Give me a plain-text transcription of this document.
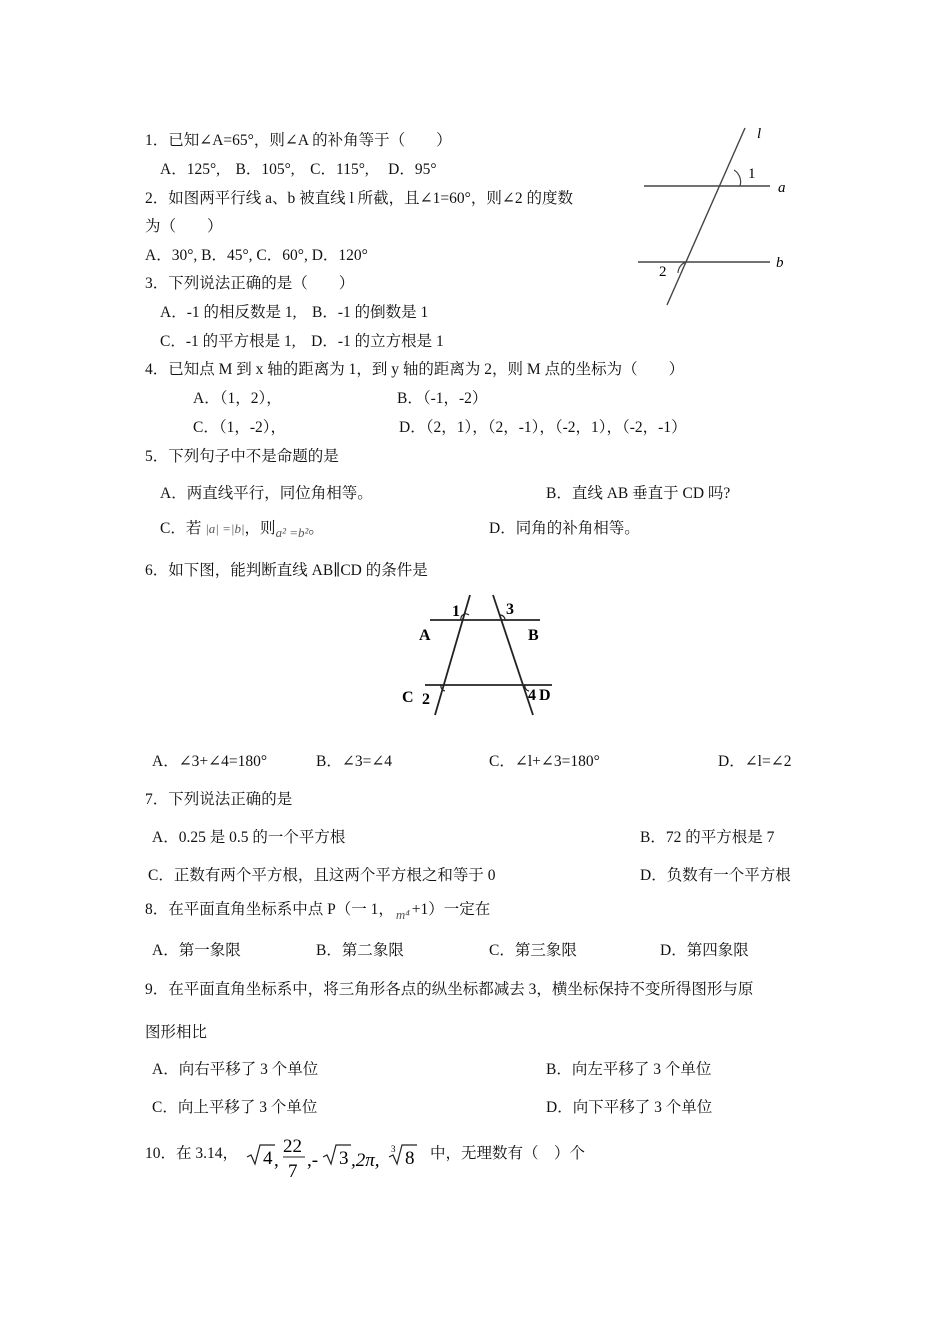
1．已知∠A=65°，则∠A 的补角等于（　　）
A．125°,　B．105°,　C．115°,　 D．95°
2．如图两平行线 a、b 被直线 l 所截，且∠1=60°，则∠2 的度数
为（　　）
A．30°, B．45°, C．60°, D．120°
l
1
a
2
b
3．下列说法正确的是（　　）
A．-1 的相反数是 1,　B．-1 的倒数是 1
C．-1 的平方根是 1,　D．-1 的立方根是 1
4．已知点 M 到 x 轴的距离为 1，到 y 轴的距离为 2，则 M 点的坐标为（　　）
A．（1，2），	B．（-1，-2）
C．（1，-2），	D．（2，1），（2，-1），（-2，1），（-2，-1）
5．下列句子中不是命题的是
A．两直线平行，同位角相等。	B．直线 AB 垂直于 CD 吗?
C．若 |a| =|b|，则$_{a^2 =b^2}$。	D．同角的补角相等。
6．如下图，能判断直线 AB∥CD 的条件是
1	3
A	B
C 2	4 D
A．∠3+∠4=180°	B．∠3=∠4	C．∠l+∠3=180°	D．∠l=∠2
7．下列说法正确的是
A．0.25 是 0.5 的一个平方根	B．72 的平方根是 7
C．正数有两个平方根，且这两个平方根之和等于 0	D．负数有一个平方根
8．在平面直角坐标系中点 P（一 1， $_{m^4}$ +1）一定在
A．第一象限	B．第二象限	C．第三象限	D．第四象限
9．在平面直角坐标系中，将三角形各点的纵坐标都减去 3，横坐标保持不变所得图形与原
图形相比
A．向右平移了 3 个单位	B．向左平移了 3 个单位
C．向上平移了 3 个单位	D．向下平移了 3 个单位
10．在 3.14， 4 ,
22
7
,- 3 ,2π,
3 8 中，无理数有（　）个
